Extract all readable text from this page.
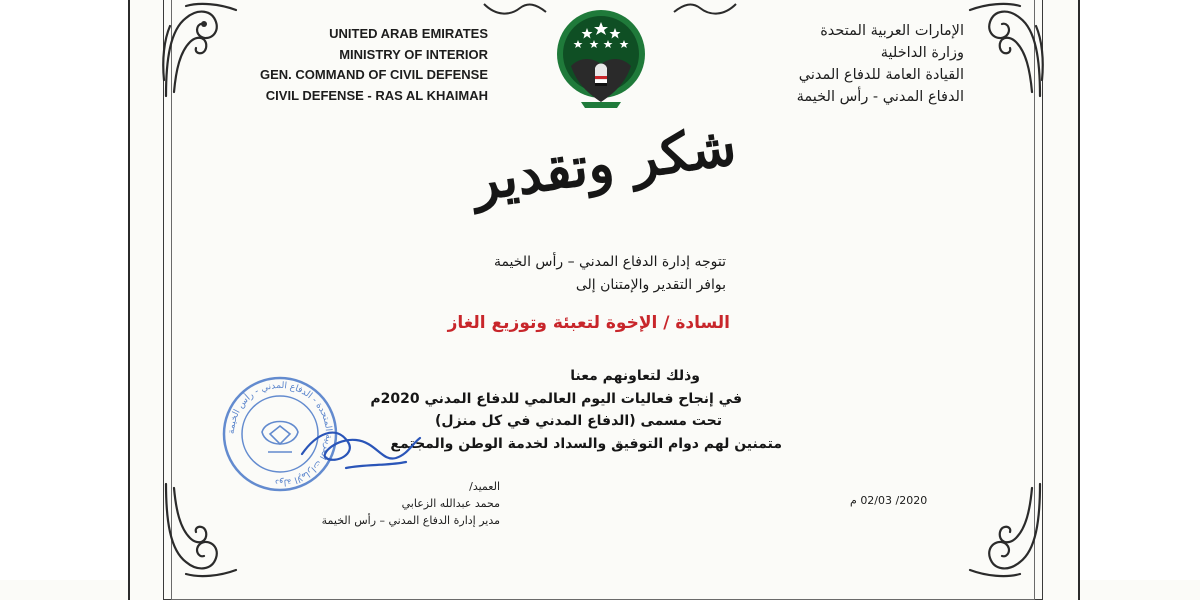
UNITED ARAB EMIRATES
MINISTRY OF INTERIOR
GEN. COMMAND OF CIVIL DEFENSE
CIVIL DEFENSE - RAS AL KHAIMAH
الإمارات العربية المتحدة
وزارة الداخلية
القيادة العامة للدفاع المدني
الدفاع المدني - رأس الخيمة
شكر وتقدير
تتوجه إدارة الدفاع المدني – رأس الخيمة
بوافر التقدير والإمتنان إلى
السادة / الإخوة لتعبئة وتوزيع الغاز
وذلك لتعاونهم معنا
في إنجاح فعاليات اليوم العالمي للدفاع المدني 2020م
تحت مسمى (الدفاع المدني في كل منزل)
متمنين لهم دوام التوفيق والسداد لخدمة الوطن والمجتمع
دولة الإمارات العربية المتحدة - الدفاع المدني - رأس الخيمة	العميد/
محمد عبدالله الزعابي
مدير إدارة الدفاع المدني – رأس الخيمة
2020/ 02/03 م
